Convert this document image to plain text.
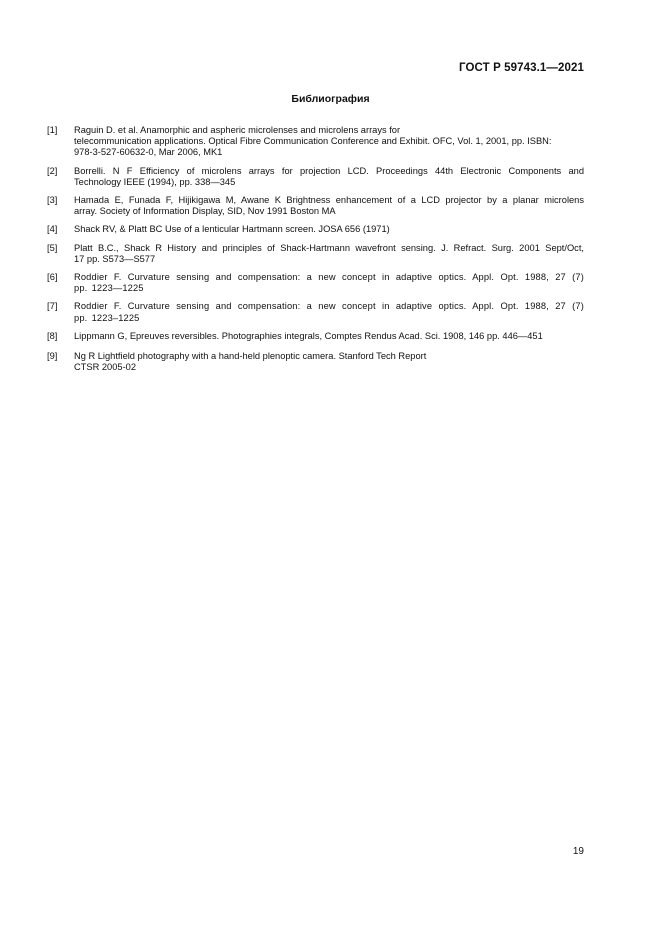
ГОСТ Р 59743.1—2021
Библиография
[1]	Raguin D. et al. Anamorphic and aspheric microlenses and microlens arrays for
telecommunication applications. Optical Fibre Communication Conference and Exhibit. OFC, Vol. 1, 2001, pp. ISBN:
978-3-527-60632-0, Mar 2006, MK1
[2]	Borrelli. N F Efficiency of microlens arrays for projection LCD. Proceedings 44th Electronic Components and
Technology IEEE (1994), pp. 338—345
[3]	Hamada E, Funada F, Hijikigawa M, Awane K Brightness enhancement of a LCD projector by a planar microlens
array. Society of Information Display, SID, Nov 1991 Boston MA
[4]	Shack RV, & Platt BC Use of a lenticular Hartmann screen. JOSA 656 (1971)
[5]	Platt B.C., Shack R History and principles of Shack-Hartmann wavefront sensing. J. Refract. Surg. 2001 Sept/Oct,
17 pp. S573—S577
[6]	Roddier F. Curvature sensing and compensation: a new concept in adaptive optics. Appl. Opt. 1988, 27 (7)
pp. 1223—1225
[7]	Roddier F. Curvature sensing and compensation: a new concept in adaptive optics. Appl. Opt. 1988, 27 (7)
pp. 1223–1225
[8]	Lippmann G, Epreuves reversibles. Photographies integrals, Comptes Rendus Acad. Sci. 1908, 146 pp. 446—451
[9]	Ng R Lightfield photography with a hand-held plenoptic camera. Stanford Tech Report
CTSR 2005-02
19
